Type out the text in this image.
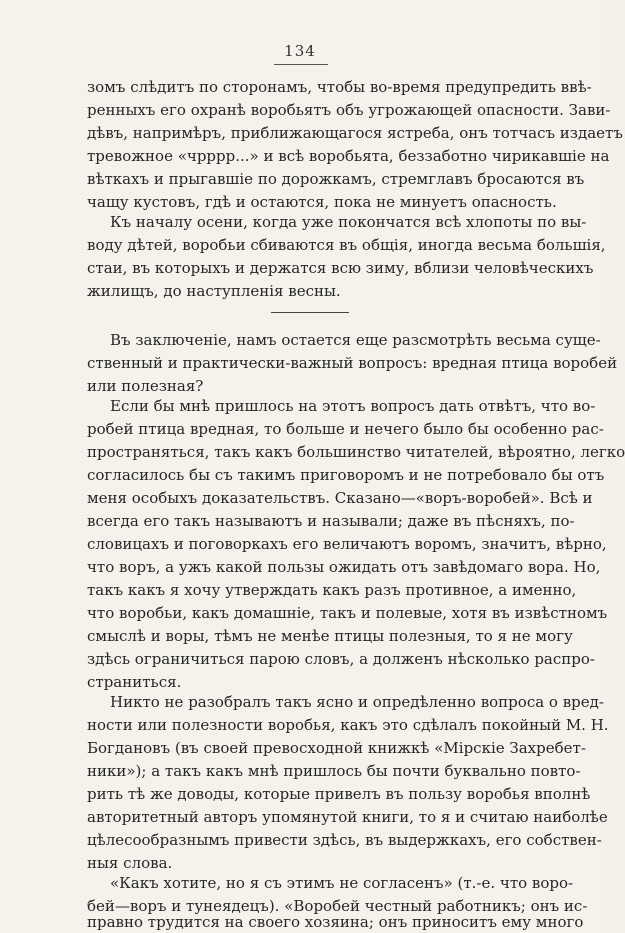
134
зомъ слѣдитъ по сторонамъ, чтобы во-время предупредить ввѣ-
ренныхъ его охранѣ воробьятъ объ угрожающей опасности. Зави-
дѣвъ, напримѣръ, приближающагося ястреба, онъ тотчасъ издаетъ
тревожное «чрррр...» и всѣ воробьята, беззаботно чирикавшіе на
вѣткахъ и прыгавшіе по дорожкамъ, стремглавъ бросаются въ
чащу кустовъ, гдѣ и остаются, пока не минуетъ опасность.
Къ началу осени, когда уже покончатся всѣ хлопоты по вы-
воду дѣтей, воробьи сбиваются въ общія, иногда весьма большія,
стаи, въ которыхъ и держатся всю зиму, вблизи человѣческихъ
жилищъ, до наступленія весны.
Въ заключеніе, намъ остается еще разсмотрѣть весьма суще-
ственный и практически-важный вопросъ: вредная птица воробей
или полезная?
Если бы мнѣ пришлось на этотъ вопросъ дать отвѣтъ, что во-
робей птица вредная, то больше и нечего было бы особенно рас-
пространяться, такъ какъ большинство читателей, вѣроятно, легко
согласилось бы съ такимъ приговоромъ и не потребовало бы отъ
меня особыхъ доказательствъ. Сказано—«воръ-воробей». Всѣ и
всегда его такъ называютъ и называли; даже въ пѣсняхъ, по-
словицахъ и поговоркахъ его величаютъ воромъ, значитъ, вѣрно,
что воръ, а ужъ какой пользы ожидать отъ завѣдомаго вора. Но,
такъ какъ я хочу утверждать какъ разъ противное, а именно,
что воробьи, какъ домашніе, такъ и полевые, хотя въ извѣстномъ
смыслѣ и воры, тѣмъ не менѣе птицы полезныя, то я не могу
здѣсь ограничиться парою словъ, а долженъ нѣсколько распро-
страниться.
Никто не разобралъ такъ ясно и опредѣленно вопроса о вред-
ности или полезности воробья, какъ это сдѣлалъ покойный М. Н.
Богдановъ (въ своей превосходной книжкѣ «Мірскіе Захребет-
ники»); а такъ какъ мнѣ пришлось бы почти буквально повто-
рить тѣ же доводы, которые привелъ въ пользу воробья вполнѣ
авторитетный авторъ упомянутой книги, то я и считаю наиболѣе
цѣлесообразнымъ привести здѣсь, въ выдержкахъ, его собствен-
ныя слова.
«Какъ хотите, но я съ этимъ не согласенъ» (т.-е. что воро-
бей—воръ и тунеядецъ). «Воробей честный работникъ; онъ ис-
правно трудится на своего хозяина; онъ приноситъ ему много
